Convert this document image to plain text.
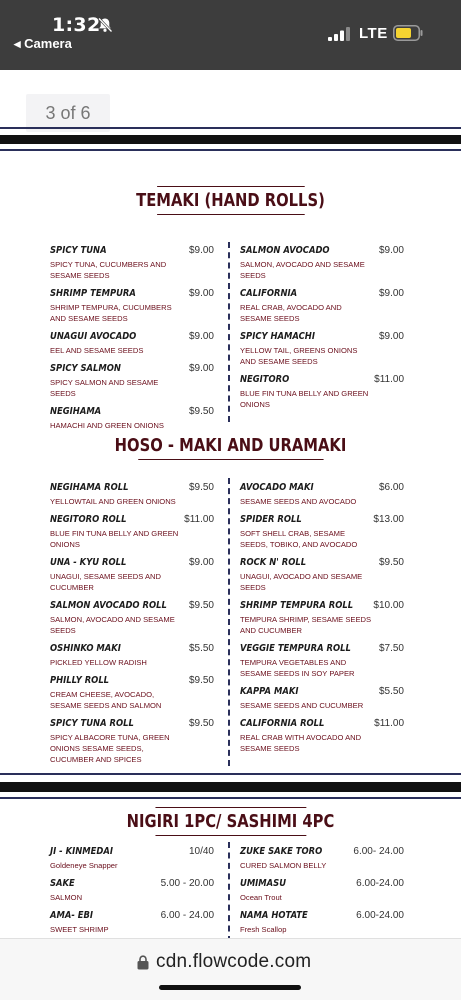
1:32
◂ Camera
LTE
3 of 6
TEMAKI (HAND ROLLS)
SPICY TUNA	$9.00
SPICY TUNA, CUCUMBERS AND SESAME SEEDS
SHRIMP TEMPURA	$9.00
SHRIMP TEMPURA, CUCUMBERS AND SESAME SEEDS
UNAGUI AVOCADO	$9.00
EEL AND SESAME SEEDS
SPICY SALMON	$9.00
SPICY SALMON AND SESAME SEEDS
NEGIHAMA	$9.50
HAMACHI AND GREEN ONIONS
SALMON AVOCADO	$9.00
SALMON, AVOCADO AND SESAME SEEDS
CALIFORNIA	$9.00
REAL CRAB, AVOCADO AND SESAME SEEDS
SPICY HAMACHI	$9.00
YELLOW TAIL, GREENS ONIONS AND SESAME SEEDS
NEGITORO	$11.00
BLUE FIN TUNA BELLY AND GREEN ONIONS
HOSO - MAKI AND URAMAKI
NEGIHAMA ROLL	$9.50
YELLOWTAIL AND GREEN ONIONS
NEGITORO ROLL	$11.00
BLUE FIN TUNA BELLY AND GREEN ONIONS
UNA - KYU ROLL	$9.00
UNAGUI, SESAME SEEDS AND CUCUMBER
SALMON AVOCADO ROLL	$9.50
SALMON, AVOCADO AND SESAME SEEDS
OSHINKO MAKI	$5.50
PICKLED YELLOW RADISH
PHILLY ROLL	$9.50
CREAM CHEESE, AVOCADO, SESAME SEEDS AND SALMON
SPICY TUNA ROLL	$9.50
SPICY ALBACORE TUNA, GREEN ONIONS SESAME SEEDS, CUCUMBER AND SPICES
AVOCADO MAKI	$6.00
SESAME SEEDS AND AVOCADO
SPIDER ROLL	$13.00
SOFT SHELL CRAB, SESAME SEEDS, TOBIKO, AND AVOCADO
ROCK N' ROLL	$9.50
UNAGUI, AVOCADO AND SESAME SEEDS
SHRIMP TEMPURA ROLL	$10.00
TEMPURA SHRIMP, SESAME SEEDS AND CUCUMBER
VEGGIE TEMPURA ROLL	$7.50
TEMPURA VEGETABLES AND SESAME SEEDS IN SOY PAPER
KAPPA MAKI	$5.50
SESAME SEEDS AND CUCUMBER
CALIFORNIA ROLL	$11.00
REAL CRAB WITH AVOCADO AND SESAME SEEDS
NIGIRI 1PC/ SASHIMI 4PC
JI - KINMEDAI	10/40
Goldeneye Snapper
SAKE	5.00 - 20.00
SALMON
AMA- EBI	6.00 - 24.00
SWEET SHRIMP
ZUKE SAKE TORO	6.00- 24.00
CURED SALMON BELLY
UMIMASU	6.00-24.00
Ocean Trout
NAMA HOTATE	6.00-24.00
Fresh Scallop
cdn.flowcode.com
